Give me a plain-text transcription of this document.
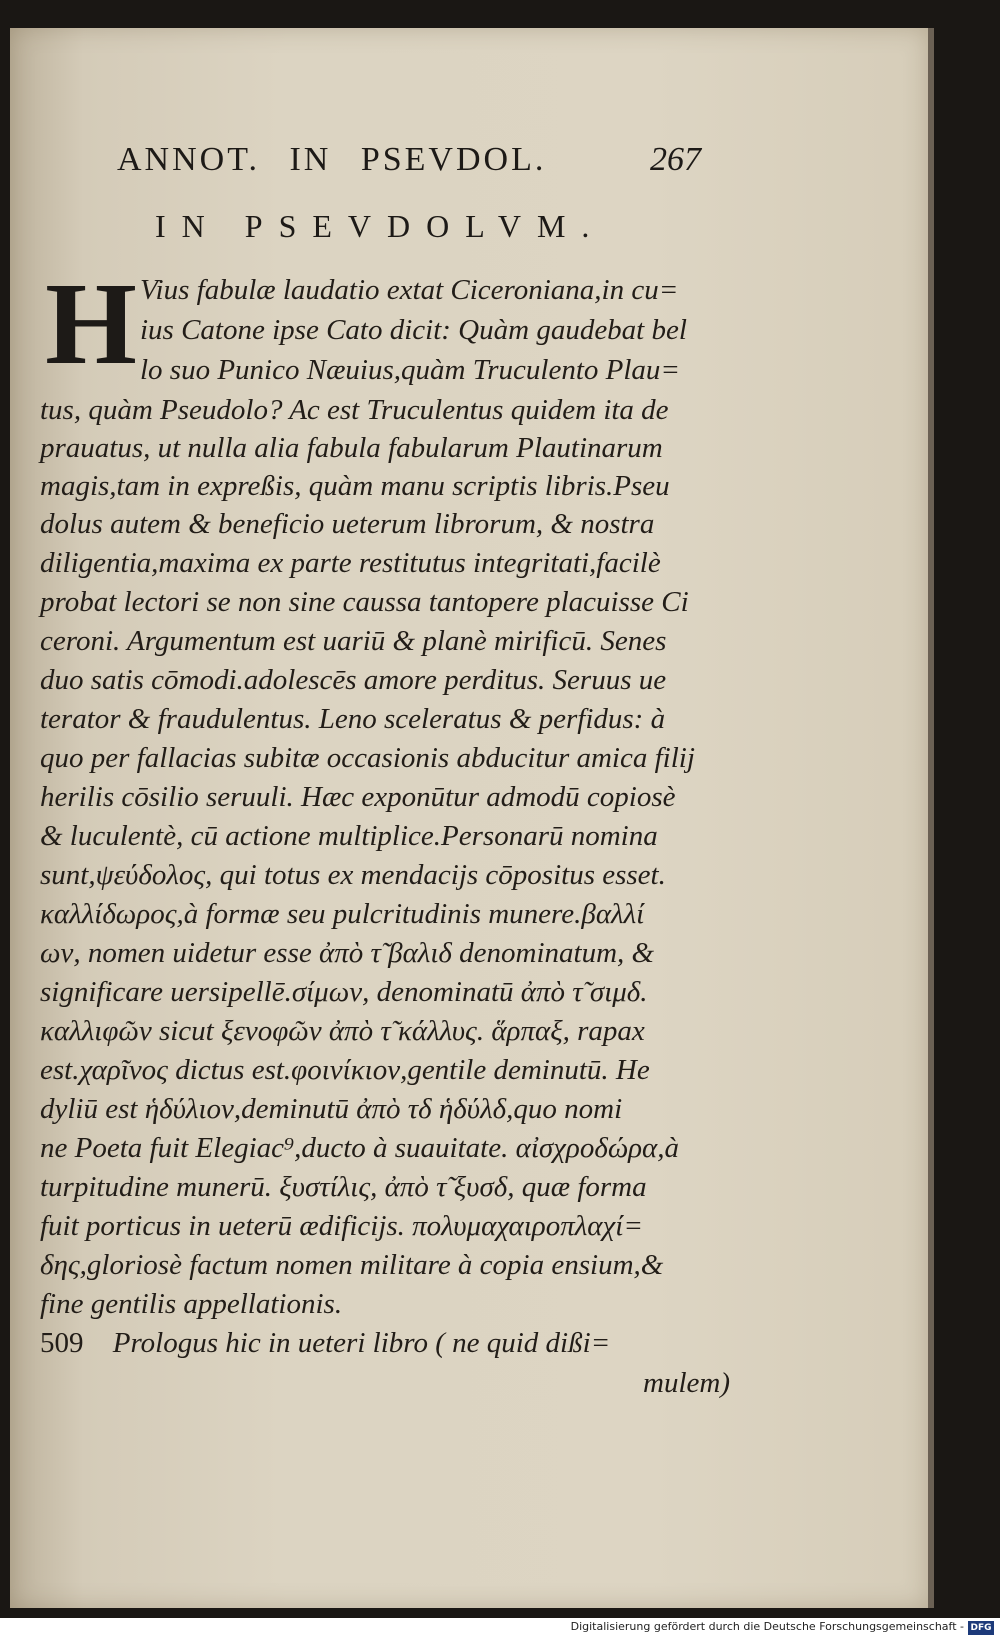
ANNOT. IN PSEVDOL.	267
IN PSEVDOLVM.
H Vius fabulæ laudatio extat Ciceroniana,in cu=
ius Catone ipse Cato dicit: Quàm gaudebat bel
lo suo Punico Næuius,quàm Truculento Plau=
tus, quàm Pseudolo? Ac est Truculentus quidem ita de
prauatus, ut nulla alia fabula fabularum Plautinarum
magis,tam in expreßis, quàm manu scriptis libris.Pseu
dolus autem & beneficio ueterum librorum, & nostra
diligentia,maxima ex parte restitutus integritati,facilè
probat lectori se non sine caussa tantopere placuisse Ci
ceroni. Argumentum est uariū & planè mirificū. Senes
duo satis cōmodi.adolescēs amore perditus. Seruus ue
terator & fraudulentus. Leno sceleratus & perfidus: à
quo per fallacias subitæ occasionis abducitur amica filij
herilis cōsilio seruuli. Hæc exponūtur admodū copiosè
& luculentè, cū actione multiplice.Personarū nomina
sunt,ψεύδολος, qui totus ex mendacijs cōpositus esset.
καλλίδωρος,à formæ seu pulcritudinis munere.βαλλί
ων, nomen uidetur esse ἀπὸ τ̃ βαλιδ denominatum, &
significare uersipellē.σίμων, denominatū ἀπὸ τ̃ σιμδ.
καλλιφῶν sicut ξενοφῶν ἀπὸ τ̃ κάλλυς. ἅρπαξ, rapax
est.χαρῖνος dictus est.φοινίκιον,gentile deminutū. He
dyliū est ἡδύλιον,deminutū ἀπὸ τδ ἡδύλδ,quo nomi
ne Poeta fuit Elegiac⁹,ducto à suauitate. αἰσχροδώρα,à
turpitudine munerū. ξυστίλις, ἀπὸ τ̃ ξυσδ, quæ forma
fuit porticus in ueterū ædificijs. πολυμαχαιροπλαχί=
δης,gloriosè factum nomen militare à copia ensium,&
fine gentilis appellationis.
509 Prologus hic in ueteri libro ( ne quid dißi=
mulem)
Digitalisierung gefördert durch die Deutsche Forschungsgemeinschaft - DFG
